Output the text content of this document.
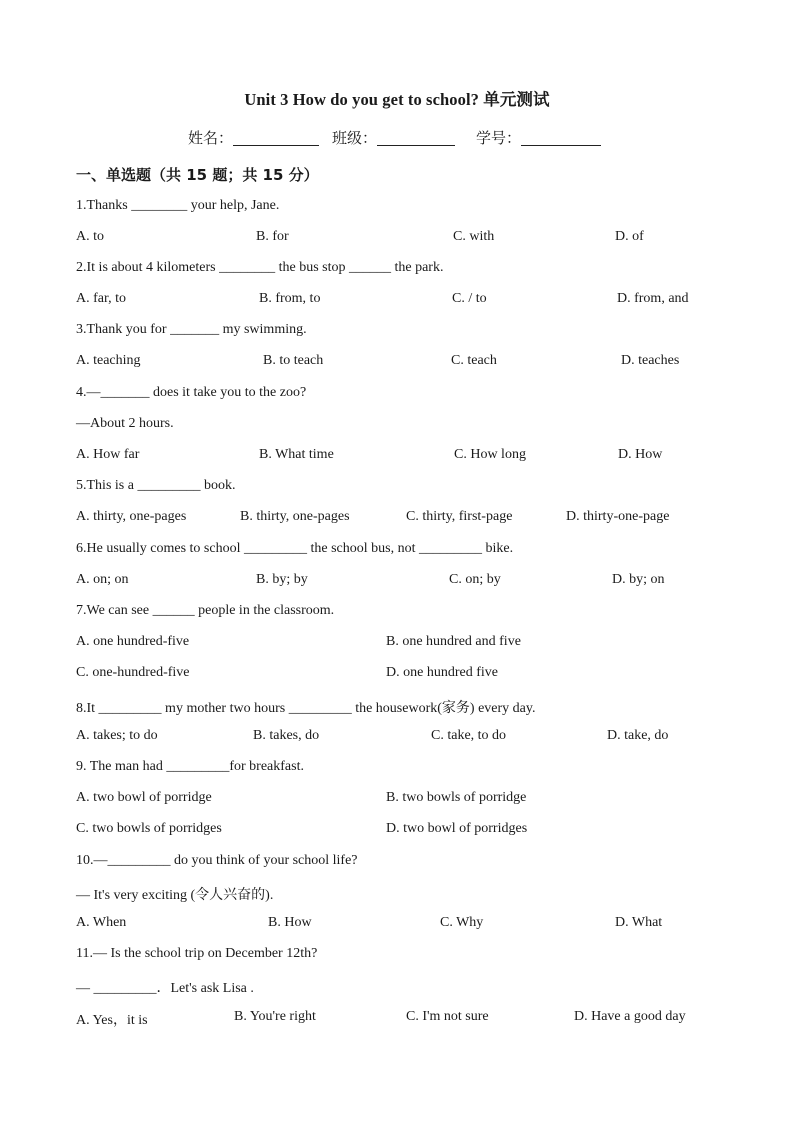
Unit 3 How do you get to school? 单元测试
姓名：	班级：	学号：
一、单选题（共 15 题；共 15 分）
1.Thanks ________ your help, Jane.
A. to	B. for	C. with	D. of
2.It is about 4 kilometers ________ the bus stop ______ the park.
A. far, to	B. from, to	C. / to	D. from, and
3.Thank you for _______ my swimming.
A. teaching	B. to teach	C. teach	D. teaches
4.—_______ does it take you to the zoo?
—About 2 hours.
A. How far	B. What time	C. How long	D. How
5.This is a _________ book.
A. thirty, one-pages	B. thirty, one-pages	C. thirty, first-page	D. thirty-one-page
6.He usually comes to school _________ the school bus, not _________ bike.
A. on; on	B. by; by	C. on; by	D. by; on
7.We can see ______ people in the classroom.
A. one hundred-five	B. one hundred and five
C. one-hundred-five	D. one hundred five
8.It _________ my mother two hours _________ the housework(家务) every day.
A. takes; to do	B. takes, do	C. take, to do	D. take, do
9. The man had _________for breakfast.
A. two bowl of porridge	B. two bowls of porridge
C. two bowls of porridges	D. two bowl of porridges
10.—_________ do you think of your school life?
— It's very exciting (令人兴奋的).
A. When	B. How	C. Why	D. What
11.— Is the school trip on December 12th?
— _________．Let's ask Lisa .
A. Yes，it is	B. You're right	C. I'm not sure	D. Have a good day
